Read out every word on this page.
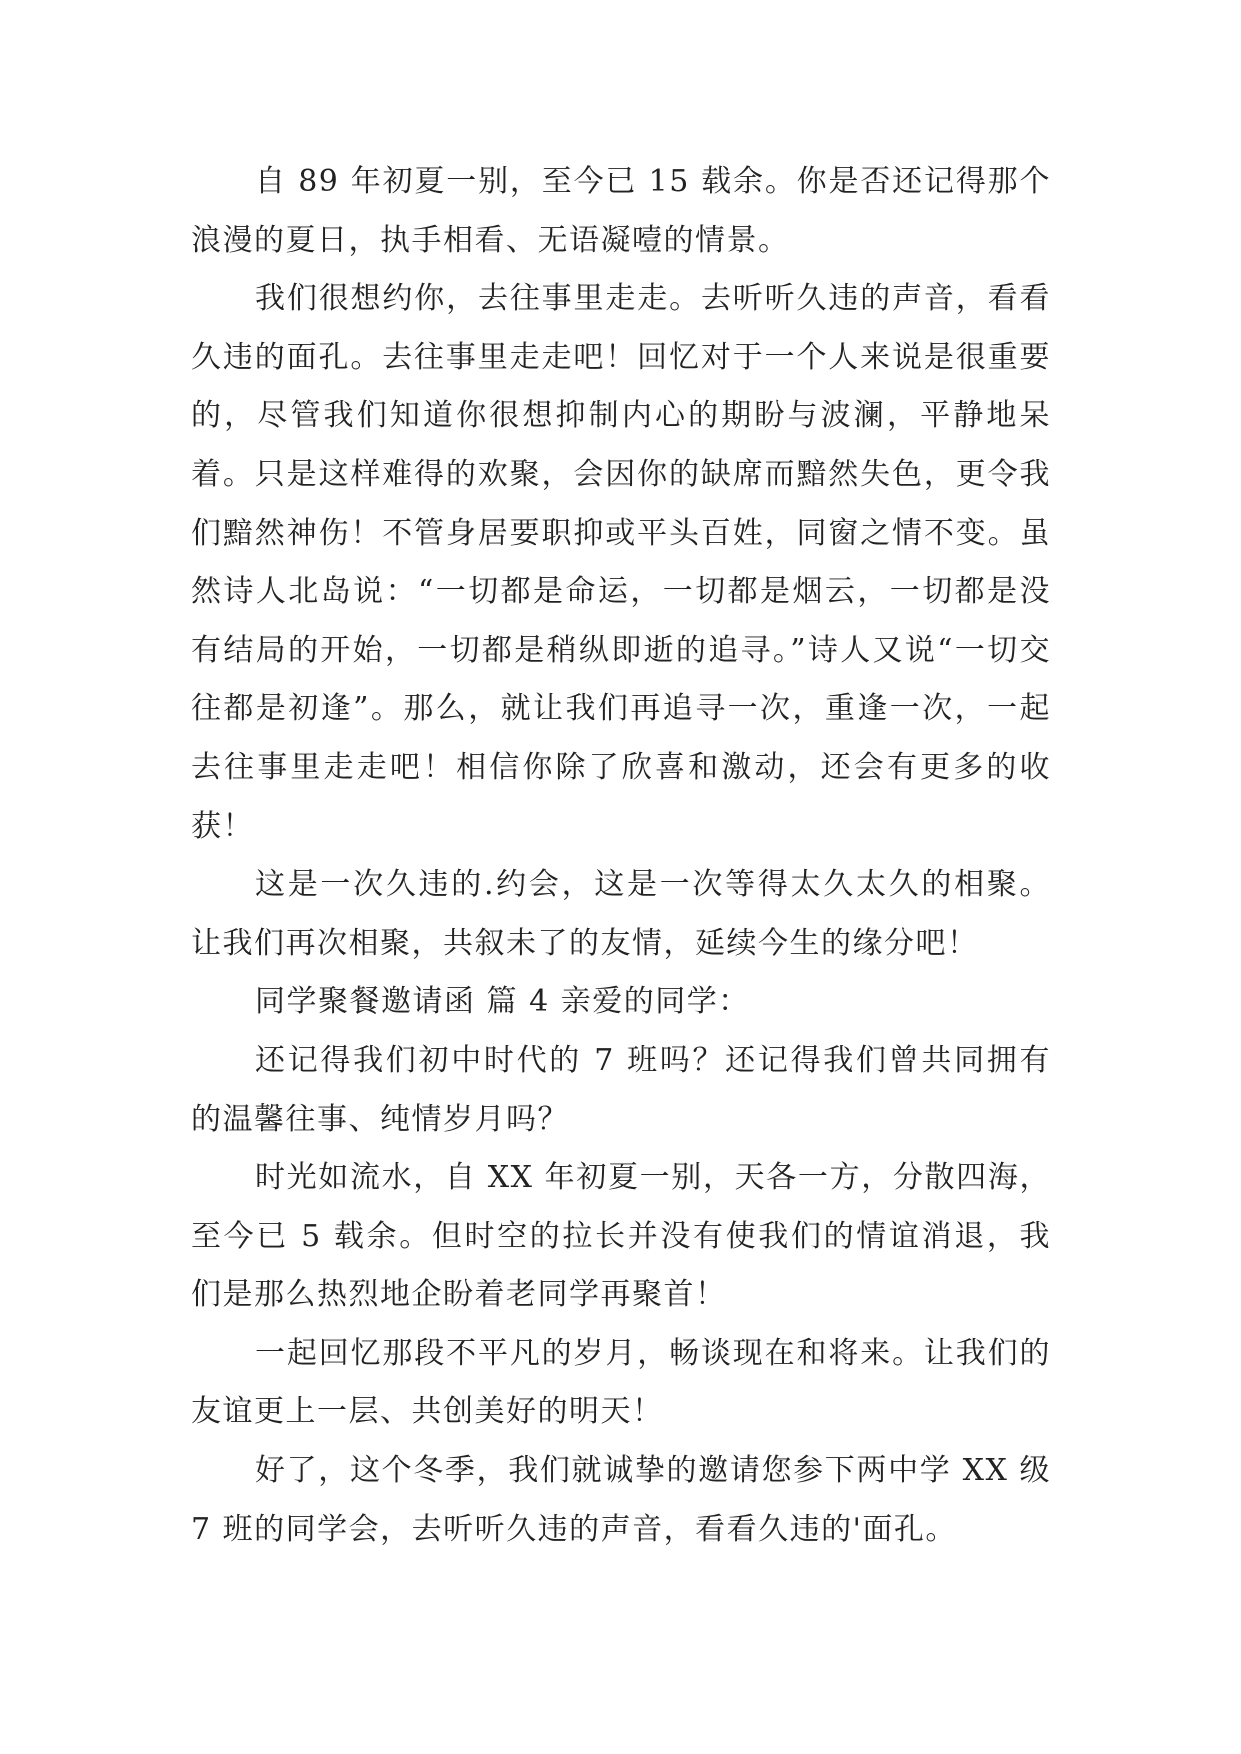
自 89 年初夏一别，至今已 15 载余。你是否还记得那个浪漫的夏日，执手相看、无语凝噎的情景。

我们很想约你，去往事里走走。去听听久违的声音，看看久违的面孔。去往事里走走吧！回忆对于一个人来说是很重要的，尽管我们知道你很想抑制内心的期盼与波澜，平静地呆着。只是这样难得的欢聚，会因你的缺席而黯然失色，更令我们黯然神伤！不管身居要职抑或平头百姓，同窗之情不变。虽然诗人北岛说：“一切都是命运，一切都是烟云，一切都是没有结局的开始，一切都是稍纵即逝的追寻。”诗人又说“一切交往都是初逢”。那么，就让我们再追寻一次，重逢一次，一起去往事里走走吧！相信你除了欣喜和激动，还会有更多的收获！

这是一次久违的.约会，这是一次等得太久太久的相聚。让我们再次相聚，共叙未了的友情，延续今生的缘分吧！

同学聚餐邀请函 篇 4 亲爱的同学：

还记得我们初中时代的 7 班吗？还记得我们曾共同拥有的温馨往事、纯情岁月吗？

时光如流水，自 XX 年初夏一别，天各一方，分散四海，至今已 5 载余。但时空的拉长并没有使我们的情谊消退，我们是那么热烈地企盼着老同学再聚首！

一起回忆那段不平凡的岁月，畅谈现在和将来。让我们的友谊更上一层、共创美好的明天！

好了，这个冬季，我们就诚挚的邀请您参下两中学 XX 级 7 班的同学会，去听听久违的声音，看看久违的'面孔。
